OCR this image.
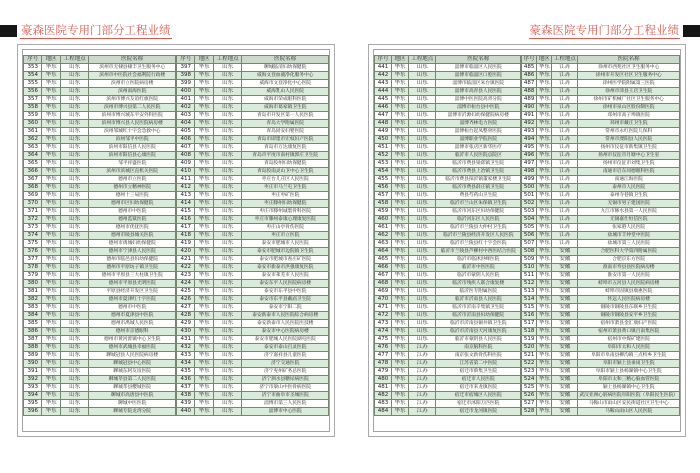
豪森医院专用门部分工程业绩	豪森医院专用门部分工程业绩
序号	地区	工程地点	医院名称
353	华东	山东	滨州市无棣县棣丰卫生服务中心
354	华东	山东	滨州市中医院社会福利院行政楼
355	华东	山东	滨州市立医院病房楼
356	华东	山东	滨州南海医院
357	华东	山东	滨州市博兴友谊红旗医院
358	华东	山东	滨州市博兴县第二人民医院
359	华东	山东	滨州市博兴城东平安外科医院
360	华东	山东	滨州市博兴县人民医院病房楼
361	华东	山东	滨州邹城红十字会急救中心
362	华东	山东	滨州邹平中医院
363	华东	山东	滨州市阳信县人民医院
364	华东	山东	滨州市阳信县心康医院
365	华东	山东	邹平祥盛医院
366	华东	山东	滨州市滨城区直机关医院
367	华东	山东	德州市立医院
368	华东	山东	德州市立精神医院
369	华东	山东	德州十三局医院
370	华东	山东	德州市区妇幼保健院
371	华东	山东	德州市中医院
372	华东	山东	德州监狱医院
373	华东	山东	德州市优抚医院
374	华东	山东	德州市陵县城关医院
375	华东	山东	德州市禹城妇幼保健院
376	华东	山东	德州市宁津县人民医院
377	华东	山东	德州市临邑县妇幼保健院
378	华东	山东	德州市平原坊子镇卫生院
379	华东	山东	德州市平原县三大柱镇卫生院
380	华东	山东	德州市平原县光明医院
381	华东	山东	平原县经济开发区卫生院
382	华东	山东	德州市夏津红十字医院
383	华东	山东	德州市中医院
384	华东	山东	德州市夏津县中医院
385	华东	山东	德州市禹城人民医院
386	华东	山东	德州市京德眼科
387	华东	山东	德州市黄河涯镇中心卫生院
388	华东	山东	德州市武城县幸福医院
389	华东	山东	聊城冠县人民医院病房楼
390	华东	山东	聊城冠县中心医院
391	华东	山东	聊城东阿友谊医院
392	华东	山东	聊城莘县第二人民医院
393	华东	山东	聊城莘县樱城医院
394	华东	山东	聊城市高唐县中医院
395	华东	山东	聊城中医医院
396	华东	山东	聊城专院龙湾分院
序号	地区	工程地点	医院名称
397	华东	山东	聊城临清妇幼保健院
398	华东	山东	威海文登血液净化服务中心
399	华东	山东	威海市文登净化中心医院
400	华东	山东	威海乳山人民医院
401	华东	山东	威海市荣成眼科医院
402	华东	山东	威海市葛家镇卫生院
403	华东	山东	青岛市开发区第一人民医院
404	华东	山东	青岛大学附属医院
405	华东	山东	青岛同安妇婴医院
406	华东	山东	青岛市即墨市宏权妇产医院
407	华东	山东	青岛市万达康复医院
408	华东	山东	青岛市平度市南村镇郭庄卫生院
409	华东	山东	青岛胶州妇幼保健院
410	华东	山东	青岛胶南灵山卫中心卫生院
411	华东	山东	枣庄台儿庄区人民医院
412	华东	山东	枣庄市马兰屯卫生院
413	华东	山东	枣庄枣矿医院
414	华东	山东	枣庄滕州妇幼保健院
415	华东	山东	枣庄市滕州诚墨骨科医院
416	华东	山东	枣庄市滕州泰康心理康复医院
417	华东	山东	枣庄山亭骨伤医院
418	华东	山东	枣庄市立医院
419	华东	山东	泰安市肥城市人民医院
420	华东	山东	泰安市肥城市边院镇卫生院
421	华东	山东	泰安市肥城市查庄矿医院
422	华东	山东	泰安市新泰市洪强康复医院
423	华东	山东	泰安市莱芜市人民医院
424	华东	山东	泰安东平人民医院病房楼
425	华东	山东	泰安市东平县中医院
426	华东	山东	泰安市东平县戴庙卫生院
427	华东	山东	泰安市宁阳二院
428	华东	山东	泰安新泰市人民医院综合病房楼
429	华东	山东	泰安新泰市人民医院医技楼
430	华东	山东	泰安市中心医院病房楼
431	华东	山东	泰安市肥城人民医院湖屯医院
432	华东	山东	泰安市泰山百灵医院
433	华东	山东	济宁嘉祥县儿童医院
434	华东	山东	济宁交通医院
435	华东	山东	济宁兖州矿务总医院
436	华东	山东	济宁泗水县糖尿病医院
437	华东	山东	济宁市梁山中医骨病医院
438	华东	山东	济宁市曲阜市圣城医院
439	华东	山东	淄博市第三人民医院
440	华东	山东	淄博市中心医院
序号	地区	工程地点	医院名称
441	华东	山东	淄博市临淄区人民医院
442	华东	山东	淄博市临淄区口腔医院
443	华东	山东	淄博市临淄区朱台镇医院
444	华东	山东	淄博市高青县人民医院
445	华东	山东	淄博中医医院高青分院
446	华东	山东	淄博市桓台县中医院
447	华东	山东	淄博市沂源妇幼保健院病房楼
448	华东	山东	淄博齐林电力医院
449	华东	山东	淄博桓台起凤整骨医院
450	华东	山东	淄博职业学院医院
451	华东	山东	淄博市张店区新华医疗
452	华东	山东	临沂市人民医院总院区
453	华东	山东	临沂市费县梁邱镇卫生院
454	华东	山东	临沂市费县上冶镇卫生院
455	华东	山东	临沂市费县探沂镇董家楼卫生院
456	华东	山东	临沂市费县薛庄镇卫生院
457	华东	山东	费县芍药山卫生院
458	华东	山东	临沂市兰山区朱保镇卫生院
459	华东	山东	临沂市河东区妇幼保健院
460	华东	山东	临沂河东区人民医院
461	华东	山东	临沂市兰陵县大仲村卫生院
462	华东	山东	临沂市兰陵县经济开发区人民医院
463	华东	山东	临沂市兰陵县红十字会医院
464	华东	山东	临沂市兰陵县芦柳村中西医结合医院
465	华东	山东	临沂市临沭洪峰医院
466	华东	山东	临沂市中医医院
467	华东	山东	临沂市蒙阴人民医院
468	华东	山东	临沂市残疾人联合康复楼
469	华东	山东	临沂医专附属医院
470	华东	山东	临沂市沂南县人民医院
471	华东	山东	临沂市沂南辛集镇卫生院
472	华东	山东	临沂市沂南县妇幼保健院
473	华东	山东	临沂市沂南县铜井镇卫生院
474	华东	山东	临沂市沂南县天河康复医院
475	华东	山东	临沂市蒙阴县人民医院
476	华东	江苏	南京脑科医院
477	华东	江苏	南京张文新骨伤科医院
478	华东	江苏	江苏省第二中医院
479	华东	江苏	宿迁市蔡集卫生院
480	华东	江苏	宿迁市人民医院
481	华东	江苏	宿迁市来龙镇医院
482	华东	江苏	宿迁市宿城区人民医院
483	华东	江苏	宿迁市沭阳万匹医院
484	华东	江苏	宿迁市龙河镇医院
序号	地区	工程地点	医院名称
485	华东	江苏	徐州市西苑社区卫生服务中心
486	华东	江苏	徐州市开发区社区卫生服务中心
487	华东	江苏	徐州医学院附属第三医院
488	华东	江苏	徐州市沛县王店卫生院
489	华东	江苏	徐州市矿机械厂社区卫生服务中心
490	华东	江苏	徐州市泉山区股份制医院
491	华东	江苏	邳州市高子埠镇医院
492	华东	江苏	邳州市戴庄卫生院
493	华东	江苏	常州市永红医院儿保科
494	华东	江苏	常州市溧阳县人民医院
495	华东	江苏	扬州市仪征市新集镇卫生院
496	华东	江苏	扬州市仪征市月塘中心卫生室
497	华东	江苏	扬州市仪征市刘集卫生院
498	华东	江苏	南通市启东同德眼科医院
499	华东	江苏	南通江海医院
500	华东	江苏	泰州市人民医院
501	华东	江苏	泰州寺巷镇卫生院
502	华东	江苏	无锡市男子建国医院
503	华东	江苏	九江市修水县第一人民医院
504	华东	江苏	无锡嘉仕恒信医院
505	华东	江苏	张家港人民医院
506	华东	江苏	盐城市丰仲堂中医院
507	华东	江苏	盐城市第三人民医院
508	华东	安徽	合肥医科大学第四附属医院
509	华东	安徽	合肥京东方医院
510	华东	安徽	淮南市寿县县医院病房楼
511	华东	安徽	淮安市第一人民医院
512	华东	安徽	蚌埠市五河县人民医院病房楼
513	华东	安徽	蚌埠市固镇县康惠医院
514	华东	安徽	怀远人民医院病房楼
515	华东	安徽	铜陵市铜陵县东联乡卫生院
516	华东	安徽	铜陵市铜陵县安平乡卫生院
517	华东	安徽	宿州市萧县金汇康妇产医院
518	华东	安徽	宿州市萧县黄口镇百南集医院
519	华东	安徽	宿州市中煤矿建医院
520	华东	安徽	阜阳市太和人民医院
521	华东	安徽	阜阳市阜南县柳沟镇三点校乡卫生院
522	华东	安徽	阜阳市颍上县垂岗卫生院
523	华东	安徽	阜阳市颍上县杨湖镇中心卫生院
524	华东	安徽	阜阳市太和三精心脑血管医院
525	华东	安徽	颍上县杨湖镇中心卫生院
526	华东	安徽	武汉亚洲心脏病医院阜阳医院（阜阳民生医院）
527	华东	安徽	马鞍山市雨山区安民街道社区卫生中心
528	华东	安徽	马鞍山雨山区人民医院
